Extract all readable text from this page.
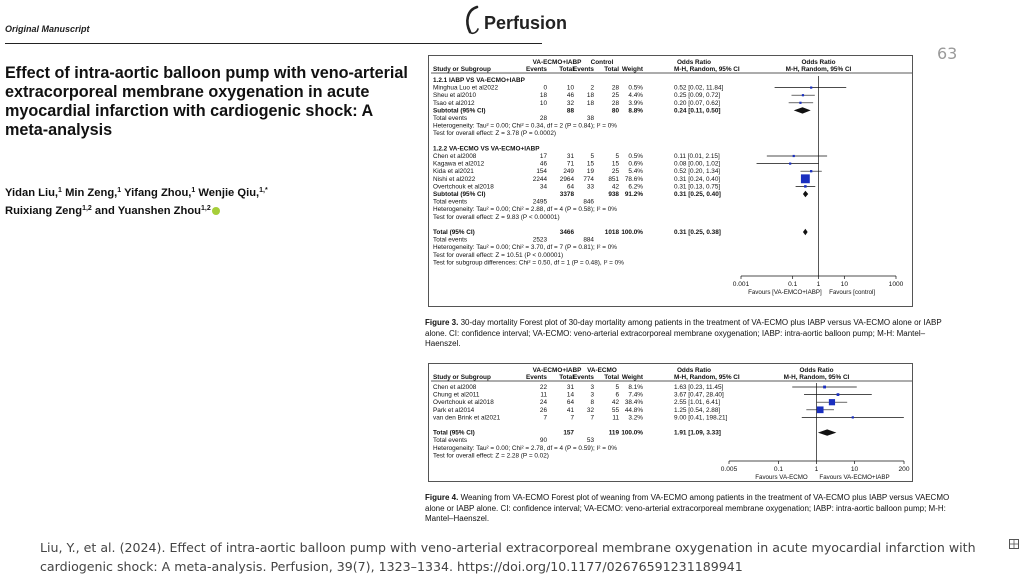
Original Manuscript	Perfusion
63
Effect of intra-aortic balloon pump with veno-arterial extracorporeal membrane oxygenation in acute myocardial infarction with cardiogenic shock: A meta-analysis
Yidan Liu,$^1$ Min Zeng,$^1$ Yifang Zhou,$^1$ Wenjie Qiu,$^{1,*}$
Ruixiang Zeng$^{1,2}$ and Yuanshen Zhou$^{1,2}$
VA-ECMO+IABP Control	Odds Ratio	Odds Ratio
Study or Subgroup	Events Total Events Total Weight	M-H, Random, 95% CI	M-H, Random, 95% CI
1.2.1 IABP VS VA-ECMO+IABP
Minghua Luo et al2022	0	10	2	28 0.5%	0.52 [0.02, 11.84]
Sheu et al2010	18	46 18	25 4.4%	0.25 [0.09, 0.72]
Tsao et al2012	10	32 18	28 3.9%	0.20 [0.07, 0.62]
Subtotal (95% CI)	88	80 8.8%	0.24 [0.11, 0.50]
Total events	28	38
Heterogeneity: Tau² = 0.00; Chi² = 0.34, df = 2 (P = 0.84); I² = 0%
Test for overall effect: Z = 3.78 (P = 0.0002)
1.2.2 VA-ECMO VS VA-ECMO+IABP
Chen et al2008	17	31	5	5 0.5%	0.11 [0.01, 2.15]
Kagawa et al2012	46	71 15	15 0.6%	0.08 [0.00, 1.02]
Kida et al2021	154	249 19	25 5.4%	0.52 [0.20, 1.34]
Nishi et al2022	2244 2964 774 851 78.6%	0.31 [0.24, 0.40]
Overtchouk et al2018	34	64 33	42 6.2%	0.31 [0.13, 0.75]
Subtotal (95% CI)	3378	938 91.2%	0.31 [0.25, 0.40]
Total events	2495	846
Heterogeneity: Tau² = 0.00; Chi² = 2.88, df = 4 (P = 0.58); I² = 0%
Test for overall effect: Z = 9.83 (P < 0.00001)
Total (95% CI)	3466	1018 100.0%	0.31 [0.25, 0.38]
Total events	2523	884
Heterogeneity: Tau² = 0.00; Chi² = 3.70, df = 7 (P = 0.81); I² = 0%
Test for overall effect: Z = 10.51 (P < 0.00001)
Test for subgroup differences: Chi² = 0.50, df = 1 (P = 0.48), I² = 0%
0.001	0.1	1	10	1000
Favours [VA-EMCO+IABP] Favours [control]
Figure 3. 30-day mortality Forest plot of 30-day mortality among patients in the treatment of VA-ECMO plus IABP versus VA-ECMO alone or IABP alone. CI: confidence interval; VA-ECMO: veno-arterial extracorporeal membrane oxygenation; IABP: intra-aortic balloon pump; M-H: Mantel–Haenszel.
VA-ECMO+IABP VA-ECMO	Odds Ratio	Odds Ratio
Study or Subgroup	Events Total Events Total Weight	M-H, Random, 95% CI	M-H, Random, 95% CI
Chen et al2008	22	31	3	5 8.1%	1.63 [0.23, 11.45]
Chung et al2011	11	14	3	6 7.4%	3.67 [0.47, 28.40]
Overtchouk et al2018	24	64	8	42 38.4%	2.55 [1.01, 6.41]
Park et al2014	26	41 32	55 44.8%	1.25 [0.54, 2.88]
van den Brink et al2021	7	7	7	11 3.2%	9.00 [0.41, 198.21]
Total (95% CI)	157	119 100.0%	1.91 [1.09, 3.33]
Total events	90	53
Heterogeneity: Tau² = 0.00; Chi² = 2.78, df = 4 (P = 0.59); I² = 0%
Test for overall effect: Z = 2.28 (P = 0.02)
0.005	0.1	1	10	200
Favours VA-ECMO Favours VA-ECMO+IABP
Figure 4. Weaning from VA-ECMO Forest plot of weaning from VA-ECMO among patients in the treatment of VA-ECMO plus IABP versus VAECMO alone or IABP alone. CI: confidence interval; VA-ECMO: veno-arterial extracorporeal membrane oxygenation; IABP: intra-aortic balloon pump; M-H: Mantel–Haenszel.
Liu, Y., et al. (2024). Effect of intra-aortic balloon pump with veno-arterial extracorporeal membrane oxygenation in acute myocardial infarction with cardiogenic shock: A meta-analysis. Perfusion, 39(7), 1323–1334. https://doi.org/10.1177/02676591231189941
